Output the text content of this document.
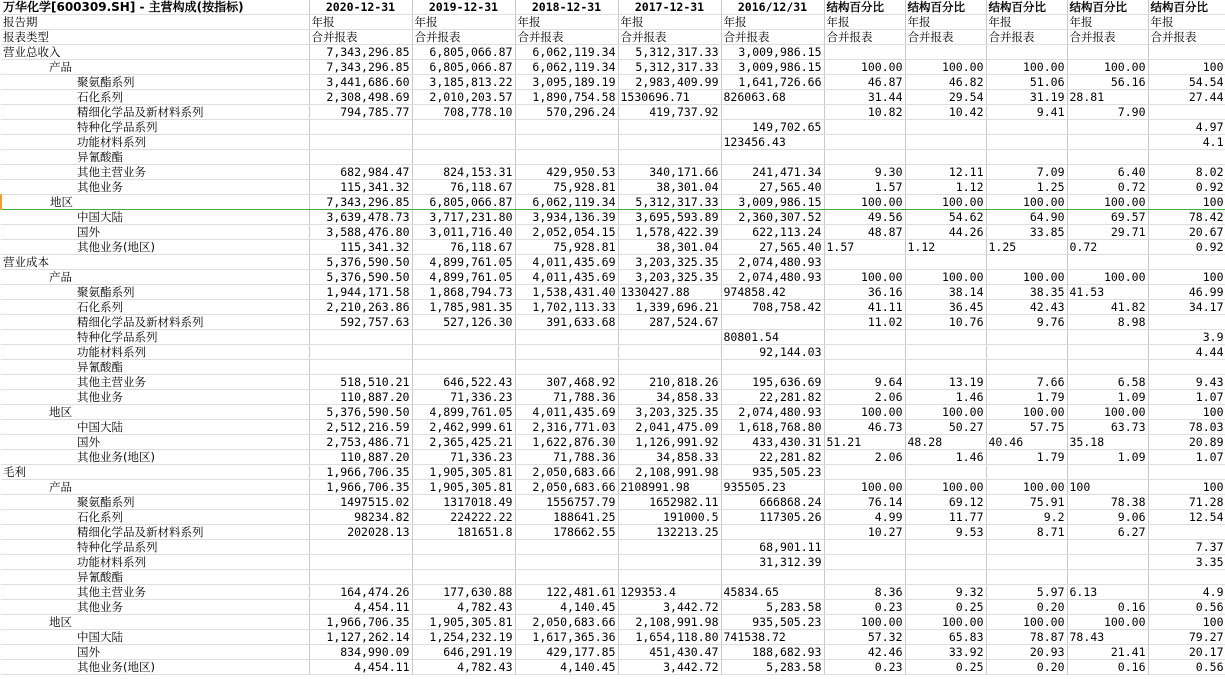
万华化学[600309.SH] - 主营构成(按指标)	2020-12-31	2019-12-31	2018-12-31	2017-12-31	2016/12/31	结构百分比	结构百分比	结构百分比	结构百分比	结构百分比
报告期	年报	年报	年报	年报	年报	年报	年报	年报	年报	年报
报表类型	合并报表	合并报表	合并报表	合并报表	合并报表	合并报表	合并报表	合并报表	合并报表	合并报表
营业总收入	7,343,296.85	6,805,066.87	6,062,119.34	5,312,317.33	3,009,986.15					
产品	7,343,296.85	6,805,066.87	6,062,119.34	5,312,317.33	3,009,986.15	100.00	100.00	100.00	100.00	100
聚氨酯系列	3,441,686.60	3,185,813.22	3,095,189.19	2,983,409.99	1,641,726.66	46.87	46.82	51.06	56.16	54.54
石化系列	2,308,498.69	2,010,203.57	1,890,754.58	1530696.71	826063.68	31.44	29.54	31.19	28.81	27.44
精细化学品及新材料系列	794,785.77	708,778.10	570,296.24	419,737.92		10.82	10.42	9.41	7.90	
特种化学品系列					149,702.65					4.97
功能材料系列					123456.43					4.1
异氰酸酯										
其他主营业务	682,984.47	824,153.31	429,950.53	340,171.66	241,471.34	9.30	12.11	7.09	6.40	8.02
其他业务	115,341.32	76,118.67	75,928.81	38,301.04	27,565.40	1.57	1.12	1.25	0.72	0.92
地区	7,343,296.85	6,805,066.87	6,062,119.34	5,312,317.33	3,009,986.15	100.00	100.00	100.00	100.00	100
中国大陆	3,639,478.73	3,717,231.80	3,934,136.39	3,695,593.89	2,360,307.52	49.56	54.62	64.90	69.57	78.42
国外	3,588,476.80	3,011,716.40	2,052,054.15	1,578,422.39	622,113.24	48.87	44.26	33.85	29.71	20.67
其他业务(地区)	115,341.32	76,118.67	75,928.81	38,301.04	27,565.40	1.57	1.12	1.25	0.72	0.92
营业成本	5,376,590.50	4,899,761.05	4,011,435.69	3,203,325.35	2,074,480.93					
产品	5,376,590.50	4,899,761.05	4,011,435.69	3,203,325.35	2,074,480.93	100.00	100.00	100.00	100.00	100
聚氨酯系列	1,944,171.58	1,868,794.73	1,538,431.40	1330427.88	974858.42	36.16	38.14	38.35	41.53	46.99
石化系列	2,210,263.86	1,785,981.35	1,702,113.33	1,339,696.21	708,758.42	41.11	36.45	42.43	41.82	34.17
精细化学品及新材料系列	592,757.63	527,126.30	391,633.68	287,524.67		11.02	10.76	9.76	8.98	
特种化学品系列					80801.54					3.9
功能材料系列					92,144.03					4.44
异氰酸酯										
其他主营业务	518,510.21	646,522.43	307,468.92	210,818.26	195,636.69	9.64	13.19	7.66	6.58	9.43
其他业务	110,887.20	71,336.23	71,788.36	34,858.33	22,281.82	2.06	1.46	1.79	1.09	1.07
地区	5,376,590.50	4,899,761.05	4,011,435.69	3,203,325.35	2,074,480.93	100.00	100.00	100.00	100.00	100
中国大陆	2,512,216.59	2,462,999.61	2,316,771.03	2,041,475.09	1,618,768.80	46.73	50.27	57.75	63.73	78.03
国外	2,753,486.71	2,365,425.21	1,622,876.30	1,126,991.92	433,430.31	51.21	48.28	40.46	35.18	20.89
其他业务(地区)	110,887.20	71,336.23	71,788.36	34,858.33	22,281.82	2.06	1.46	1.79	1.09	1.07
毛利	1,966,706.35	1,905,305.81	2,050,683.66	2,108,991.98	935,505.23					
产品	1,966,706.35	1,905,305.81	2,050,683.66	2108991.98	935505.23	100.00	100.00	100.00	100	100
聚氨酯系列	1497515.02	1317018.49	1556757.79	1652982.11	666868.24	76.14	69.12	75.91	78.38	71.28
石化系列	98234.82	224222.22	188641.25	191000.5	117305.26	4.99	11.77	9.2	9.06	12.54
精细化学品及新材料系列	202028.13	181651.8	178662.55	132213.25		10.27	9.53	8.71	6.27	
特种化学品系列					68,901.11					7.37
功能材料系列					31,312.39					3.35
异氰酸酯										
其他主营业务	164,474.26	177,630.88	122,481.61	129353.4	45834.65	8.36	9.32	5.97	6.13	4.9
其他业务	4,454.11	4,782.43	4,140.45	3,442.72	5,283.58	0.23	0.25	0.20	0.16	0.56
地区	1,966,706.35	1,905,305.81	2,050,683.66	2,108,991.98	935,505.23	100.00	100.00	100.00	100.00	100
中国大陆	1,127,262.14	1,254,232.19	1,617,365.36	1,654,118.80	741538.72	57.32	65.83	78.87	78.43	79.27
国外	834,990.09	646,291.19	429,177.85	451,430.47	188,682.93	42.46	33.92	20.93	21.41	20.17
其他业务(地区)	4,454.11	4,782.43	4,140.45	3,442.72	5,283.58	0.23	0.25	0.20	0.16	0.56
